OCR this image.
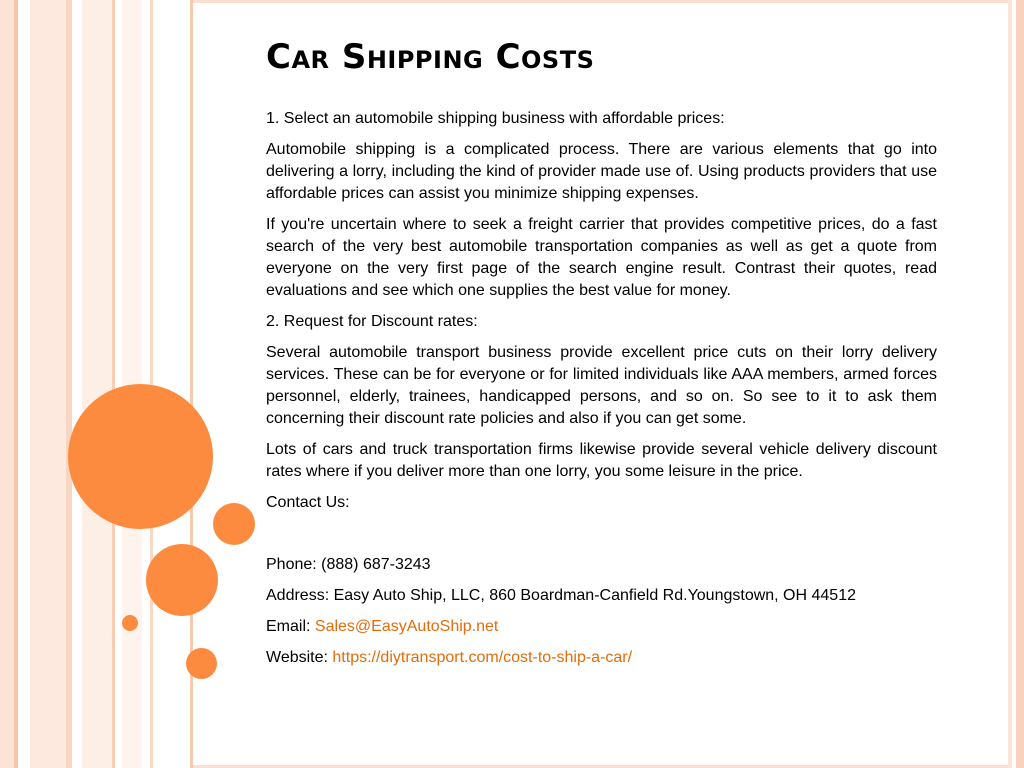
Car Shipping Costs

1. Select an automobile shipping business with affordable prices:

Automobile shipping is a complicated process. There are various elements that go into delivering a lorry, including the kind of provider made use of. Using products providers that use affordable prices can assist you minimize shipping expenses.

If you're uncertain where to seek a freight carrier that provides competitive prices, do a fast search of the very best automobile transportation companies as well as get a quote from everyone on the very first page of the search engine result. Contrast their quotes, read evaluations and see which one supplies the best value for money.

2. Request for Discount rates:

Several automobile transport business provide excellent price cuts on their lorry delivery services. These can be for everyone or for limited individuals like AAA members, armed forces personnel, elderly, trainees, handicapped persons, and so on. So see to it to ask them concerning their discount rate policies and also if you can get some.

Lots of cars and truck transportation firms likewise provide several vehicle delivery discount rates where if you deliver more than one lorry, you some leisure in the price.

Contact Us:

Phone: (888) 687-3243

Address: Easy Auto Ship, LLC, 860 Boardman-Canfield Rd.Youngstown, OH 44512

Email: Sales@EasyAutoShip.net

Website: https://diytransport.com/cost-to-ship-a-car/
